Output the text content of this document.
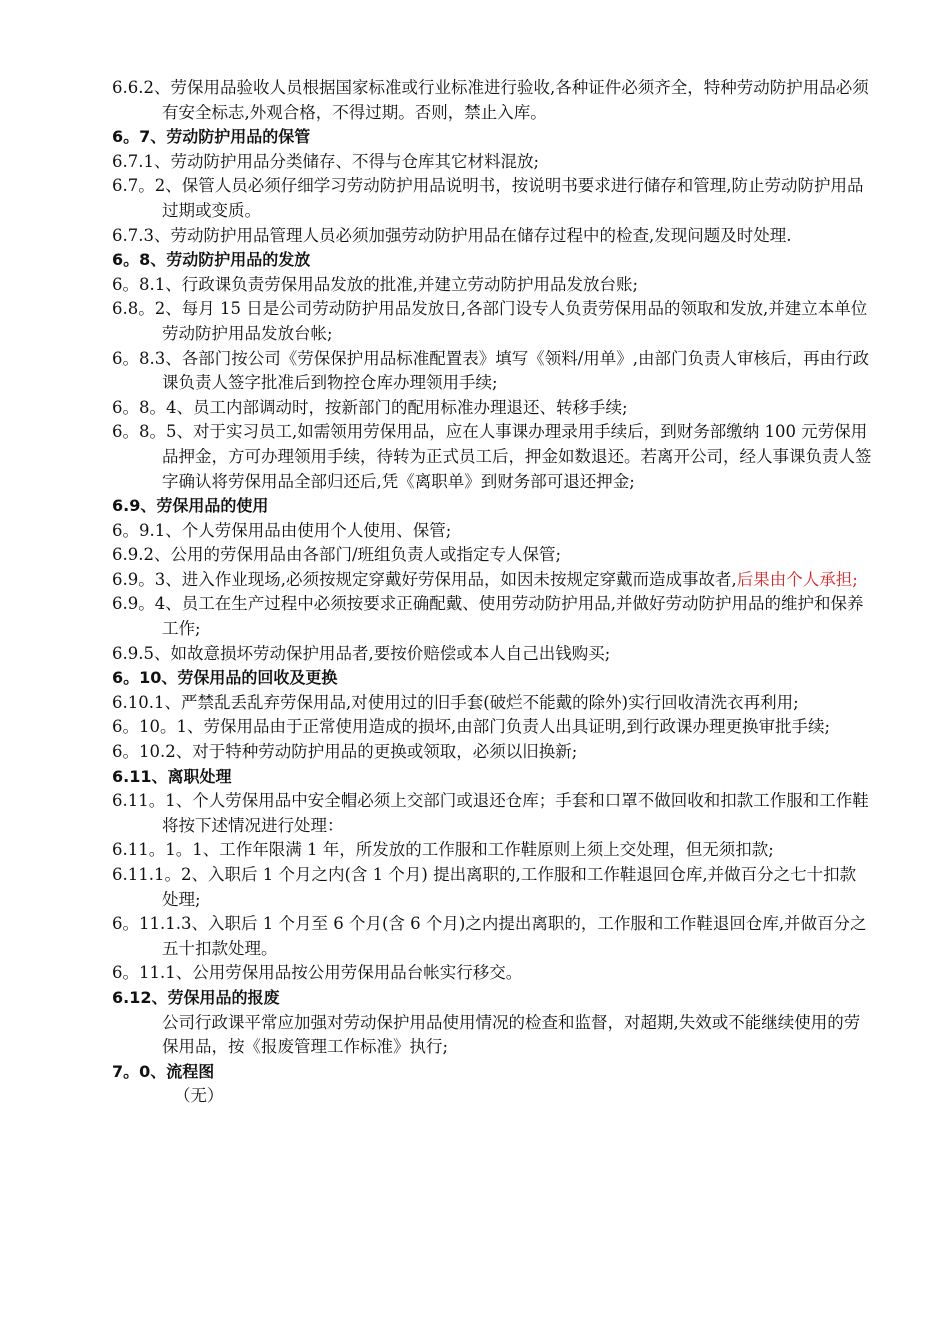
6.6.2、劳保用品验收人员根据国家标准或行业标准进行验收,各种证件必须齐全，特种劳动防护用品必须有安全标志,外观合格，不得过期。否则，禁止入库。
6。7、劳动防护用品的保管
6.7.1、劳动防护用品分类储存、不得与仓库其它材料混放;
6.7。2、保管人员必须仔细学习劳动防护用品说明书，按说明书要求进行储存和管理,防止劳动防护用品过期或变质。
6.7.3、劳动防护用品管理人员必须加强劳动防护用品在储存过程中的检查,发现问题及时处理.
6。8、劳动防护用品的发放
6。8.1、行政课负责劳保用品发放的批准,并建立劳动防护用品发放台账;
6.8。2、每月 15 日是公司劳动防护用品发放日,各部门设专人负责劳保用品的领取和发放,并建立本单位劳动防护用品发放台帐;
6。8.3、各部门按公司《劳保保护用品标准配置表》填写《领料/用单》,由部门负责人审核后，再由行政课负责人签字批准后到物控仓库办理领用手续;
6。8。4、员工内部调动时，按新部门的配用标准办理退还、转移手续;
6。8。5、对于实习员工,如需领用劳保用品，应在人事课办理录用手续后，到财务部缴纳 100 元劳保用品押金，方可办理领用手续，待转为正式员工后，押金如数退还。若离开公司，经人事课负责人签字确认将劳保用品全部归还后,凭《离职单》到财务部可退还押金;
6.9、劳保用品的使用
6。9.1、个人劳保用品由使用个人使用、保管;
6.9.2、公用的劳保用品由各部门/班组负责人或指定专人保管;
6.9。3、进入作业现场,必须按规定穿戴好劳保用品，如因未按规定穿戴而造成事故者,后果由个人承担;
6.9。4、员工在生产过程中必须按要求正确配戴、使用劳动防护用品,并做好劳动防护用品的维护和保养工作;
6.9.5、如故意损坏劳动保护用品者,要按价赔偿或本人自己出钱购买;
6。10、劳保用品的回收及更换
6.10.1、严禁乱丢乱弃劳保用品,对使用过的旧手套(破烂不能戴的除外)实行回收清洗衣再利用;
6。10。1、劳保用品由于正常使用造成的损坏,由部门负责人出具证明,到行政课办理更换审批手续;
6。10.2、对于特种劳动防护用品的更换或领取，必须以旧换新;
6.11、离职处理
6.11。1、个人劳保用品中安全帽必须上交部门或退还仓库；手套和口罩不做回收和扣款工作服和工作鞋将按下述情况进行处理：
6.11。1。1、工作年限满 1 年，所发放的工作服和工作鞋原则上须上交处理，但无须扣款;
6.11.1。2、入职后 1 个月之内(含 1 个月) 提出离职的,工作服和工作鞋退回仓库,并做百分之七十扣款处理;
6。11.1.3、入职后 1 个月至 6 个月(含 6 个月)之内提出离职的，工作服和工作鞋退回仓库,并做百分之五十扣款处理。
6。11.1、公用劳保用品按公用劳保用品台帐实行移交。
6.12、劳保用品的报废
公司行政课平常应加强对劳动保护用品使用情况的检查和监督，对超期,失效或不能继续使用的劳保用品，按《报废管理工作标准》执行;
7。0、流程图
（无）
